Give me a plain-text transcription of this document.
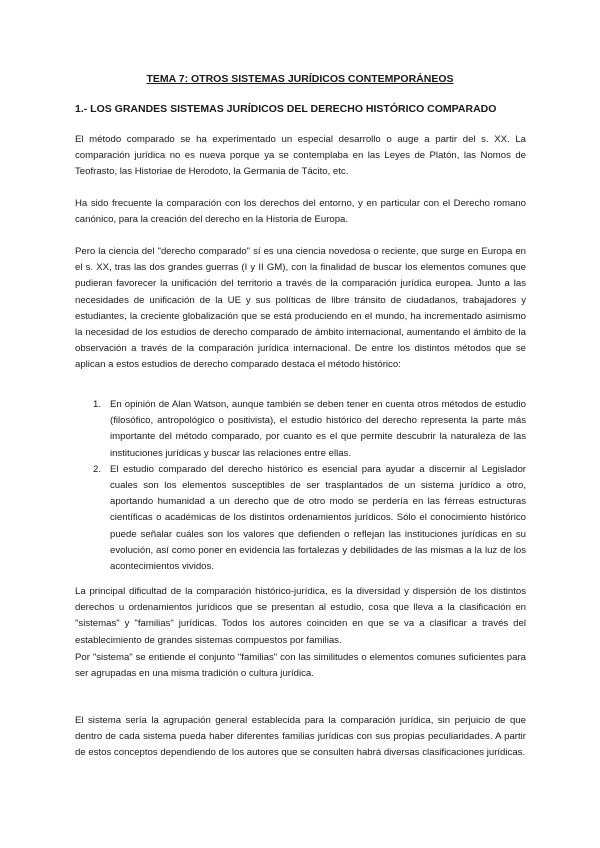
TEMA 7: OTROS SISTEMAS JURÍDICOS CONTEMPORÁNEOS
1.- LOS GRANDES SISTEMAS JURÍDICOS DEL DERECHO HISTÓRICO COMPARADO

El método comparado se ha experimentado un especial desarrollo o auge a partir del s. XX. La comparación jurídica no es nueva porque ya se contemplaba en las Leyes de Platón, las Nomos de Teofrasto, las Historiae de Herodoto, la Germania de Tácito, etc.

Ha sido frecuente la comparación con los derechos del entorno, y en particular con el Derecho romano canónico, para la creación del derecho en la Historia de Europa.

Pero la ciencia del "derecho comparado" sí es una ciencia novedosa o reciente, que surge en Europa en el s. XX, tras las dos grandes guerras (I y II GM), con la finalidad de buscar los elementos comunes que pudieran favorecer la unificación del territorio a través de la comparación jurídica europea. Junto a las necesidades de unificación de la UE y sus políticas de libre tránsito de ciudadanos, trabajadores y estudiantes, la creciente globalización que se está produciendo en el mundo, ha incrementado asimismo la necesidad de los estudios de derecho comparado de ámbito internacional, aumentando el ámbito de la observación a través de la comparación jurídica internacional. De entre los distintos métodos que se aplican a estos estudios de derecho comparado destaca el método histórico:

1. En opinión de Alan Watson, aunque también se deben tener en cuenta otros métodos de estudio (filosófico, antropológico o positivista), el estudio histórico del derecho representa la parte más importante del método comparado, por cuanto es el que permite descubrir la naturaleza de las instituciones jurídicas y buscar las relaciones entre ellas.
2. El estudio comparado del derecho histórico es esencial para ayudar a discernir al Legislador cuales son los elementos susceptibles de ser trasplantados de un sistema jurídico a otro, aportando humanidad a un derecho que de otro modo se perdería en las férreas estructuras científicas o académicas de los distintos ordenamientos jurídicos. Sólo el conocimiento histórico puede señalar cuáles son los valores que defienden o reflejan las instituciones jurídicas en su evolución, así como poner en evidencia las fortalezas y debilidades de las mismas a la luz de los acontecimientos vividos.

La principal dificultad de la comparación histórico-jurídica, es la diversidad y dispersión de los distintos derechos u ordenamientos jurídicos que se presentan al estudio, cosa que lleva a la clasificación en "sistemas" y "familias" jurídicas. Todos los autores coinciden en que se va a clasificar a través del establecimiento de grandes sistemas compuestos por familias.

Por "sistema" se entiende el conjunto "familias" con las similitudes o elementos comunes suficientes para ser agrupadas en una misma tradición o cultura jurídica.

El sistema sería la agrupación general establecida para la comparación jurídica, sin perjuicio de que dentro de cada sistema pueda haber diferentes familias jurídicas con sus propias peculiaridades. A partir de estos conceptos dependiendo de los autores que se consulten habrá diversas clasificaciones jurídicas.
